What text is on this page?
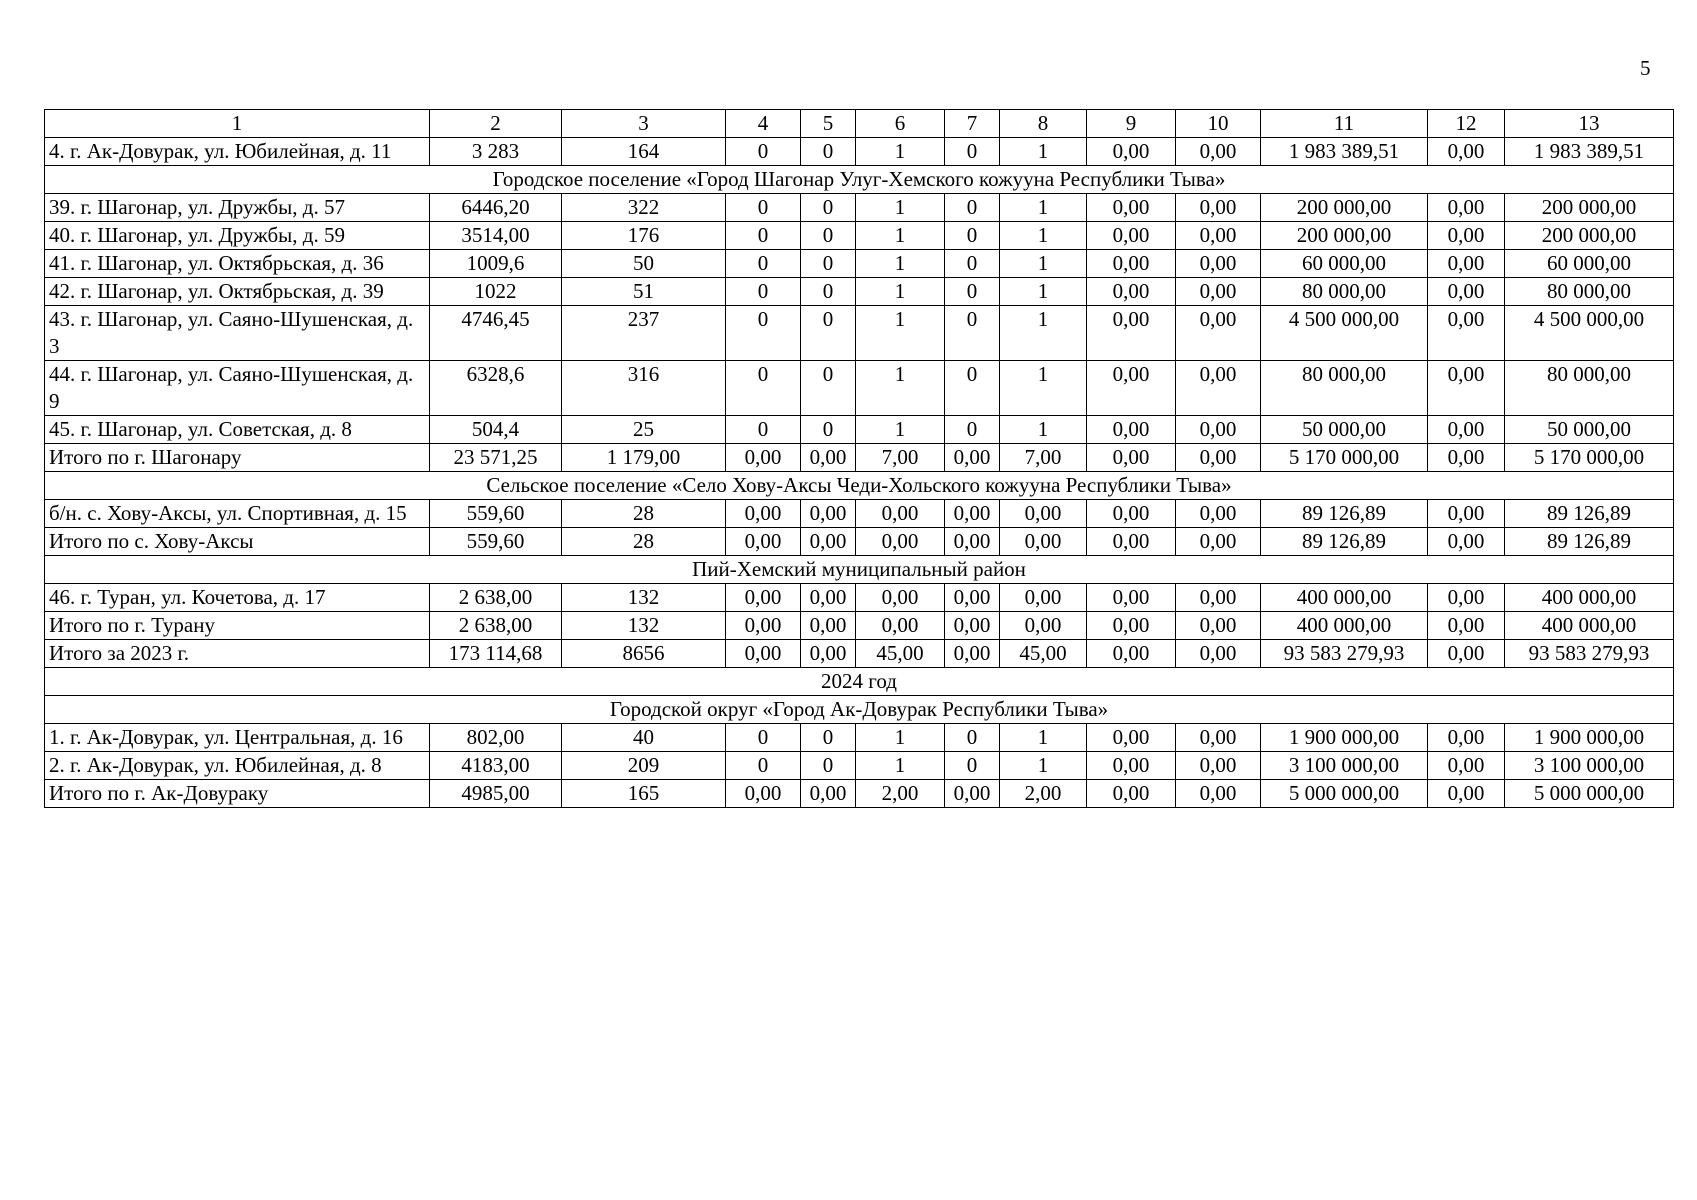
5
1	2	3	4	5	6	7	8	9	10	11	12	13
4. г. Ак-Довурак, ул. Юбилейная, д. 11	3 283	164	0	0	1	0	1	0,00	0,00	1 983 389,51	0,00	1 983 389,51
Городское поселение «Город Шагонар Улуг-Хемского кожууна Республики Тыва»												
39. г. Шагонар, ул. Дружбы, д. 57	6446,20	322	0	0	1	0	1	0,00	0,00	200 000,00	0,00	200 000,00
40. г. Шагонар, ул. Дружбы, д. 59	3514,00	176	0	0	1	0	1	0,00	0,00	200 000,00	0,00	200 000,00
41. г. Шагонар, ул. Октябрьская, д. 36	1009,6	50	0	0	1	0	1	0,00	0,00	60 000,00	0,00	60 000,00
42. г. Шагонар, ул. Октябрьская, д. 39	1022	51	0	0	1	0	1	0,00	0,00	80 000,00	0,00	80 000,00
43. г. Шагонар, ул. Саяно-Шушенская, д. 3	4746,45	237	0	0	1	0	1	0,00	0,00	4 500 000,00	0,00	4 500 000,00
44. г. Шагонар, ул. Саяно-Шушенская, д. 9	6328,6	316	0	0	1	0	1	0,00	0,00	80 000,00	0,00	80 000,00
45. г. Шагонар, ул. Советская, д. 8	504,4	25	0	0	1	0	1	0,00	0,00	50 000,00	0,00	50 000,00
Итого по г. Шагонару	23 571,25	1 179,00	0,00	0,00	7,00	0,00	7,00	0,00	0,00	5 170 000,00	0,00	5 170 000,00
Сельское поселение «Село Хову-Аксы Чеди-Хольского кожууна Республики Тыва»												
б/н. с. Хову-Аксы, ул. Спортивная, д. 15	559,60	28	0,00	0,00	0,00	0,00	0,00	0,00	0,00	89 126,89	0,00	89 126,89
Итого по с. Хову-Аксы	559,60	28	0,00	0,00	0,00	0,00	0,00	0,00	0,00	89 126,89	0,00	89 126,89
Пий-Хемский муниципальный район												
46. г. Туран, ул. Кочетова, д. 17	2 638,00	132	0,00	0,00	0,00	0,00	0,00	0,00	0,00	400 000,00	0,00	400 000,00
Итого по г. Турану	2 638,00	132	0,00	0,00	0,00	0,00	0,00	0,00	0,00	400 000,00	0,00	400 000,00
Итого за 2023 г.	173 114,68	8656	0,00	0,00	45,00	0,00	45,00	0,00	0,00	93 583 279,93	0,00	93 583 279,93
2024 год												
Городской округ «Город Ак-Довурак Республики Тыва»												
1. г. Ак-Довурак, ул. Центральная, д. 16	802,00	40	0	0	1	0	1	0,00	0,00	1 900 000,00	0,00	1 900 000,00
2. г. Ак-Довурак, ул. Юбилейная, д. 8	4183,00	209	0	0	1	0	1	0,00	0,00	3 100 000,00	0,00	3 100 000,00
Итого по г. Ак-Довураку	4985,00	165	0,00	0,00	2,00	0,00	2,00	0,00	0,00	5 000 000,00	0,00	5 000 000,00
